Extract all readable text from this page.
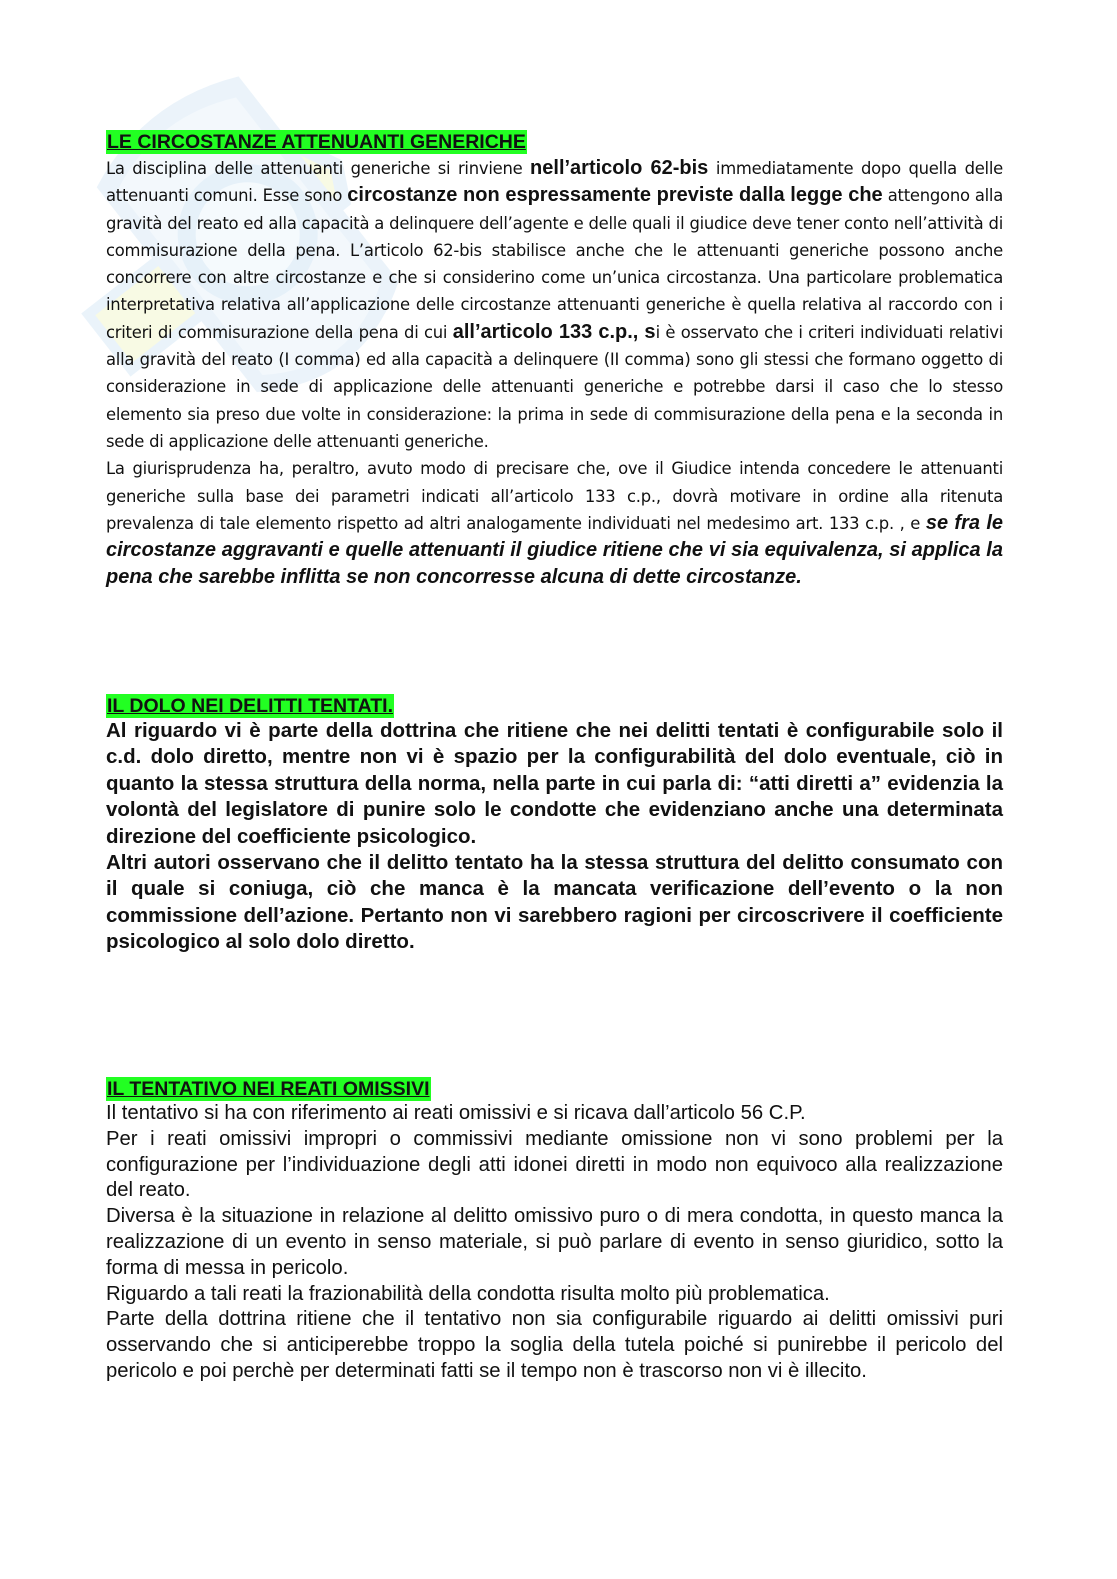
LE CIRCOSTANZE ATTENUANTI GENERICHE

La disciplina delle attenuanti generiche si rinviene nell’articolo 62-bis immediatamente dopo quella delle attenuanti comuni. Esse sono circostanze non espressamente previste dalla legge che attengono alla gravità del reato ed alla capacità a delinquere dell’agente e delle quali il giudice deve tener conto nell’attività di commisurazione della pena. L’articolo 62-bis stabilisce anche che le attenuanti generiche possono anche concorrere con altre circostanze e che si considerino come un’unica circostanza. Una particolare problematica interpretativa relativa all’applicazione delle circostanze attenuanti generiche è quella relativa al raccordo con i criteri di commisurazione della pena di cui all’articolo 133 c.p., si è osservato che i criteri individuati relativi alla gravità del reato (I comma) ed alla capacità a delinquere (II comma) sono gli stessi che formano oggetto di considerazione in sede di applicazione delle attenuanti generiche e potrebbe darsi il caso che lo stesso elemento sia preso due volte in considerazione: la prima in sede di commisurazione della pena e la seconda in sede di applicazione delle attenuanti generiche.

La giurisprudenza ha, peraltro, avuto modo di precisare che, ove il Giudice intenda concedere le attenuanti generiche sulla base dei parametri indicati all’articolo 133 c.p., dovrà motivare in ordine alla ritenuta prevalenza di tale elemento rispetto ad altri analogamente individuati nel medesimo art. 133 c.p. , e se fra le circostanze aggravanti e quelle attenuanti il giudice ritiene che vi sia equivalenza, si applica la pena che sarebbe inflitta se non concorresse alcuna di dette circostanze.

IL DOLO NEI DELITTI TENTATI.

Al riguardo vi è parte della dottrina che ritiene che nei delitti tentati è configurabile solo il c.d. dolo diretto, mentre non vi è spazio per la configurabilità del dolo eventuale, ciò in quanto la stessa struttura della norma, nella parte in cui parla di: “atti diretti a” evidenzia la volontà del legislatore di punire solo le condotte che evidenziano anche una determinata direzione del coefficiente psicologico.

Altri autori osservano che il delitto tentato ha la stessa struttura del delitto consumato con il quale si coniuga, ciò che manca è la mancata verificazione dell’evento o la non commissione dell’azione. Pertanto non vi sarebbero ragioni per circoscrivere il coefficiente psicologico al solo dolo diretto.

IL TENTATIVO NEI REATI OMISSIVI

Il tentativo si ha con riferimento ai reati omissivi e si ricava dall’articolo 56 C.P.

Per i reati omissivi impropri o commissivi mediante omissione non vi sono problemi per la configurazione per l’individuazione degli atti idonei diretti in modo non equivoco alla realizzazione del reato.

Diversa è la situazione in relazione al delitto omissivo puro o di mera condotta, in questo manca la realizzazione di un evento in senso materiale, si può parlare di evento in senso giuridico, sotto la forma di messa in pericolo.

Riguardo a tali reati la frazionabilità della condotta risulta molto più problematica.

Parte della dottrina ritiene che il tentativo non sia configurabile riguardo ai delitti omissivi puri osservando che si anticiperebbe troppo la soglia della tutela poiché si punirebbe il pericolo del pericolo e poi perchè per determinati fatti se il tempo non è trascorso non vi è illecito.
